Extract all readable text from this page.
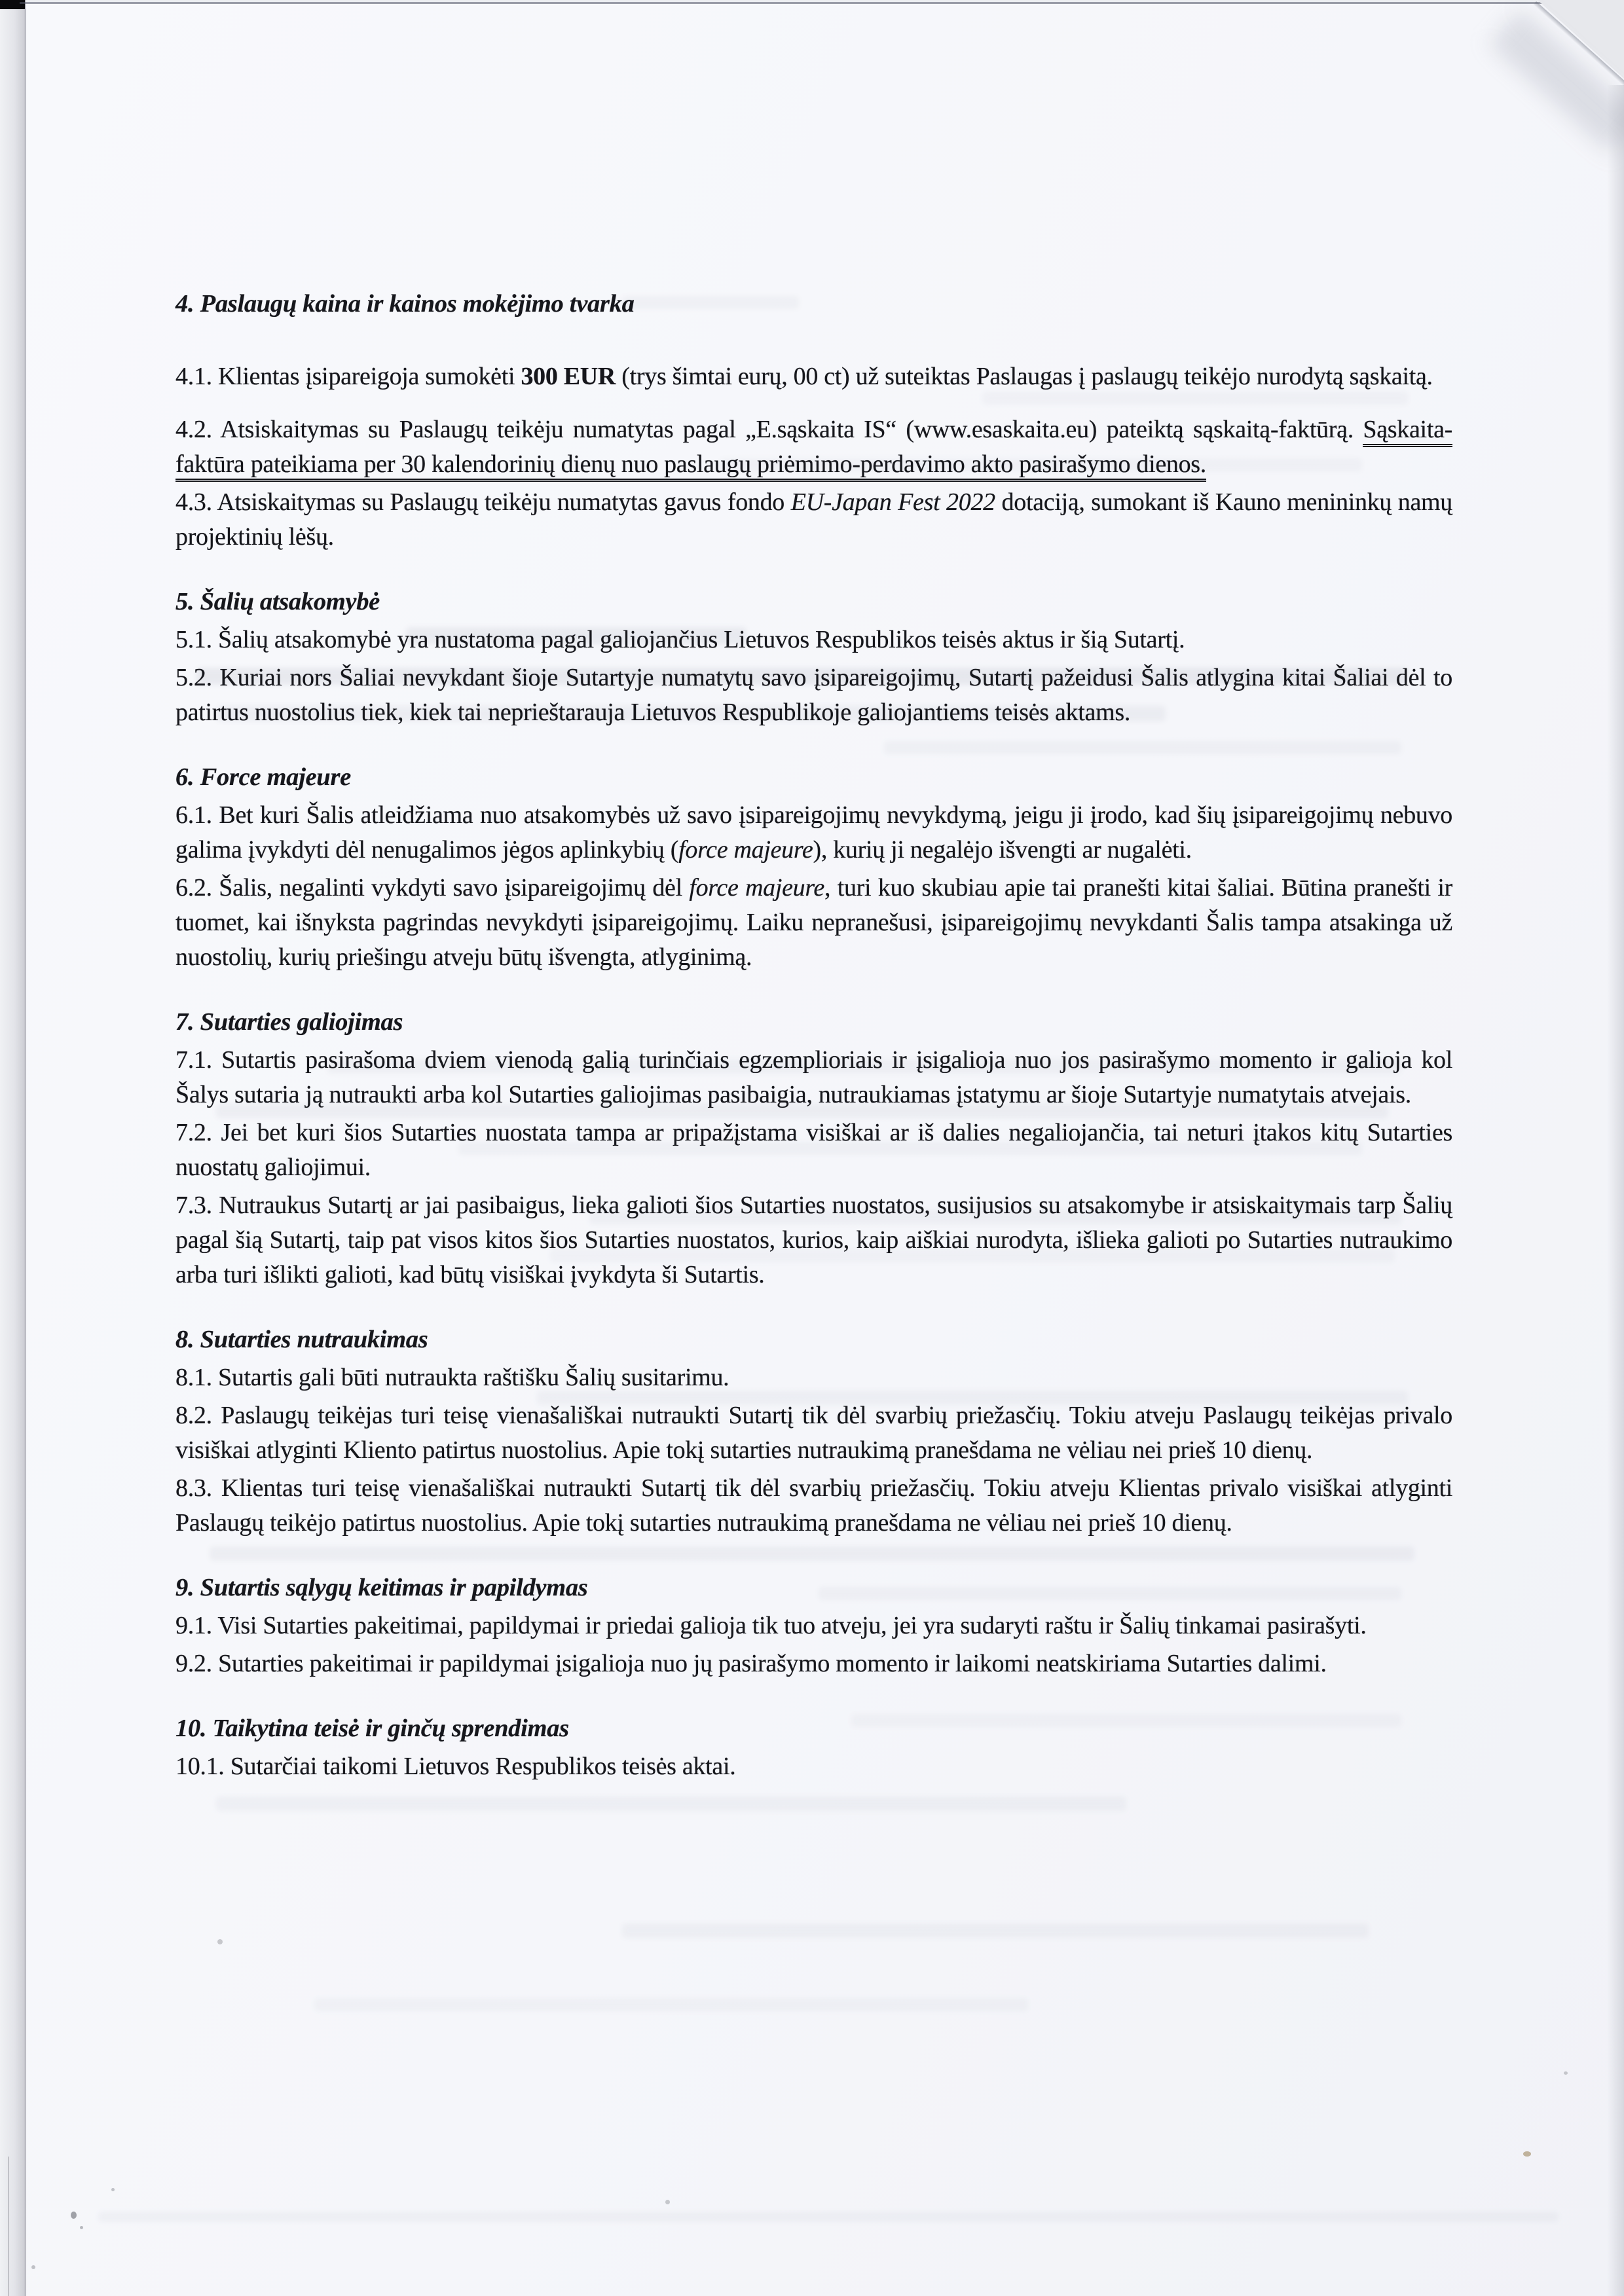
4. Paslaugų kaina ir kainos mokėjimo tvarka

4.1. Klientas įsipareigoja sumokėti 300 EUR (trys šimtai eurų, 00 ct) už suteiktas Paslaugas į paslaugų teikėjo nurodytą sąskaitą.

4.2. Atsiskaitymas su Paslaugų teikėju numatytas pagal „E.sąskaita IS“ (www.esaskaita.eu) pateiktą sąskaitą-faktūrą. Sąskaita-faktūra pateikiama per 30 kalendorinių dienų nuo paslaugų priėmimo-perdavimo akto pasirašymo dienos.

4.3. Atsiskaitymas su Paslaugų teikėju numatytas gavus fondo EU-Japan Fest 2022 dotaciją, sumokant iš Kauno menininkų namų projektinių lėšų.

5. Šalių atsakomybė

5.1. Šalių atsakomybė yra nustatoma pagal galiojančius Lietuvos Respublikos teisės aktus ir šią Sutartį.

5.2. Kuriai nors Šaliai nevykdant šioje Sutartyje numatytų savo įsipareigojimų, Sutartį pažeidusi Šalis atlygina kitai Šaliai dėl to patirtus nuostolius tiek, kiek tai neprieštarauja Lietuvos Respublikoje galiojantiems teisės aktams.

6. Force majeure

6.1. Bet kuri Šalis atleidžiama nuo atsakomybės už savo įsipareigojimų nevykdymą, jeigu ji įrodo, kad šių įsipareigojimų nebuvo galima įvykdyti dėl nenugalimos jėgos aplinkybių (force majeure), kurių ji negalėjo išvengti ar nugalėti.

6.2. Šalis, negalinti vykdyti savo įsipareigojimų dėl force majeure, turi kuo skubiau apie tai pranešti kitai šaliai. Būtina pranešti ir tuomet, kai išnyksta pagrindas nevykdyti įsipareigojimų. Laiku nepranešusi, įsipareigojimų nevykdanti Šalis tampa atsakinga už nuostolių, kurių priešingu atveju būtų išvengta, atlyginimą.

7. Sutarties galiojimas

7.1. Sutartis pasirašoma dviem vienodą galią turinčiais egzemplioriais ir įsigalioja nuo jos pasirašymo momento ir galioja kol Šalys sutaria ją nutraukti arba kol Sutarties galiojimas pasibaigia, nutraukiamas įstatymu ar šioje Sutartyje numatytais atvejais.

7.2. Jei bet kuri šios Sutarties nuostata tampa ar pripažįstama visiškai ar iš dalies negaliojančia, tai neturi įtakos kitų Sutarties nuostatų galiojimui.

7.3. Nutraukus Sutartį ar jai pasibaigus, lieka galioti šios Sutarties nuostatos, susijusios su atsakomybe ir atsiskaitymais tarp Šalių pagal šią Sutartį, taip pat visos kitos šios Sutarties nuostatos, kurios, kaip aiškiai nurodyta, išlieka galioti po Sutarties nutraukimo arba turi išlikti galioti, kad būtų visiškai įvykdyta ši Sutartis.

8. Sutarties nutraukimas

8.1. Sutartis gali būti nutraukta raštišku Šalių susitarimu.

8.2. Paslaugų teikėjas turi teisę vienašališkai nutraukti Sutartį tik dėl svarbių priežasčių. Tokiu atveju Paslaugų teikėjas privalo visiškai atlyginti Kliento patirtus nuostolius. Apie tokį sutarties nutraukimą pranešdama ne vėliau nei prieš 10 dienų.

8.3. Klientas turi teisę vienašališkai nutraukti Sutartį tik dėl svarbių priežasčių. Tokiu atveju Klientas privalo visiškai atlyginti Paslaugų teikėjo patirtus nuostolius. Apie tokį sutarties nutraukimą pranešdama ne vėliau nei prieš 10 dienų.

9. Sutartis sąlygų keitimas ir papildymas

9.1. Visi Sutarties pakeitimai, papildymai ir priedai galioja tik tuo atveju, jei yra sudaryti raštu ir Šalių tinkamai pasirašyti.

9.2. Sutarties pakeitimai ir papildymai įsigalioja nuo jų pasirašymo momento ir laikomi neatskiriama Sutarties dalimi.

10. Taikytina teisė ir ginčų sprendimas

10.1. Sutarčiai taikomi Lietuvos Respublikos teisės aktai.
